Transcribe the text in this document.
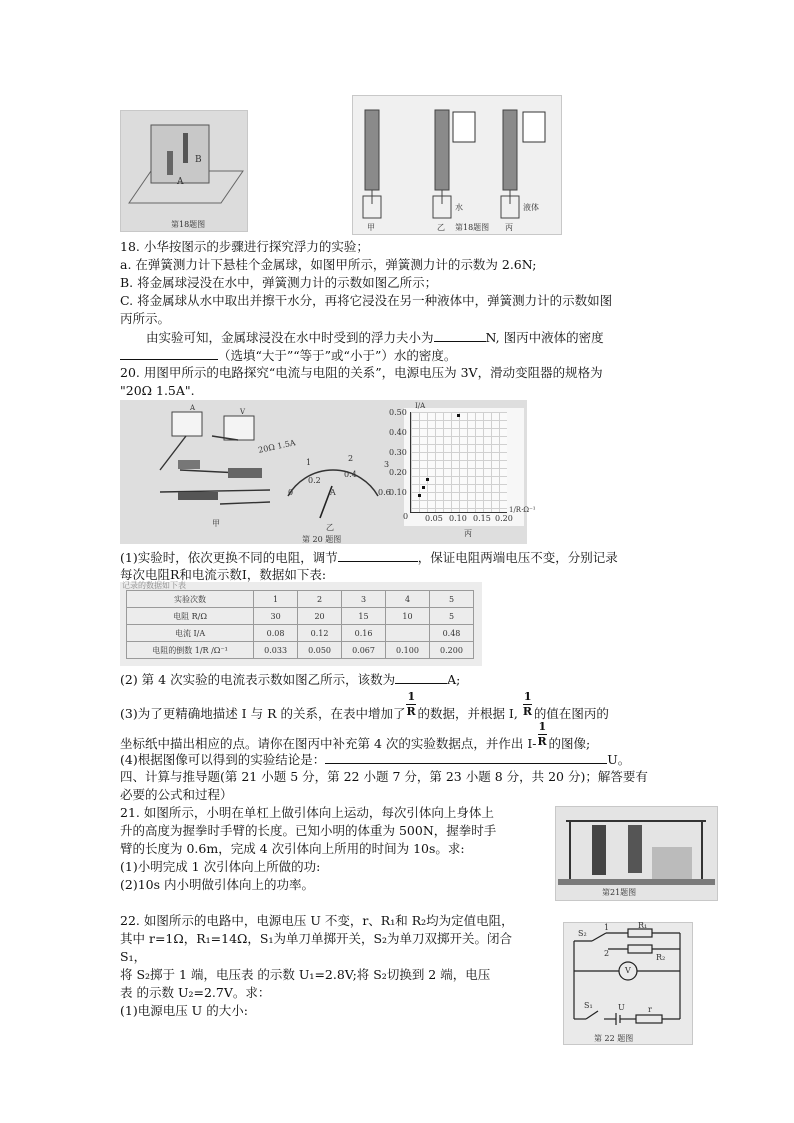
A
B
第18题图	甲	乙	丙
水	液体
第18题图
18. 小华按图示的步骤进行探究浮力的实验；
a. 在弹簧测力计下悬桂个金属球，如图甲所示，弹簧测力计的示数为 2.6N;
B. 将金属球浸没在水中，弹簧测力计的示数如图乙所示；
C. 将金属球从水中取出并擦干水分，再将它浸没在另一种液体中，弹簧测力计的示数如图
丙所示。
由实验可知，金属球浸没在水中时受到的浮力夫小为	N, 图丙中液体的密度
（选填“大于”“等于”或“小于”）水的密度。
20. 用图甲所示的电路探究“电流与电阻的关系”，电源电压为 3V，滑动变阻器的规格为
"20Ω 1.5A".
A	V
20Ω 1.5A
0
1
0.2
2
0.4
3
0.6
A
甲	乙
丙
第 20 题图
0.50
0.40
0.30
0.20
0.10
0
I/A
0.05 0.10 0.15 0.20
1/R·Ω⁻¹
(1)实验时，依次更换不同的电阻，调节	，保证电阻两端电压不变，分别记录
每次电阻R和电流示数I，数据如下表:
记录的数据如下表
实验次数	1	2	3	4	5
电阻 R/Ω	30	20	15	10	5
电流 I/A	0.08	0.12	0.16		0.48
电阻的倒数 1/R /Ω⁻¹	0.033	0.050	0.067	0.100	0.200
(2) 第 4 次实验的电流表示数如图乙所示，该数为	A;
(3)为了更精确地描述 I 与 R 的关系，在表中增加了 $\frac{1}{R}$ 的数据，并根据 I, $\frac{1}{R}$ 的值在图丙的
坐标纸中描出相应的点。请你在图丙中补充第 4 次的实验数据点，并作出 $I- \frac{1}{R}$ 的图像;
(4)根据图像可以得到的实验结论是：	U。
四、计算与推导题(第 21 小题 5 分，第 22 小题 7 分，第 23 小题 8 分，共 20 分)；解答要有
必要的公式和过程）
21. 如图所示，小明在单杠上做引体向上运动，每次引体向上身体上
升的高度为握拳时手臂的长度。已知小明的体重为 500N，握拳时手
臂的长度为 0.6m，完成 4 次引体向上所用的时间为 10s。求:
(1)小明完成 1 次引体向上所做的功:
(2)10s 内小明做引体向上的功率。
第21题图
22. 如图所示的电路中，电源电压 U 不变，r、R₁和 R₂均为定值电阻，
其中 r=1Ω，R₁=14Ω，S₁为单刀单掷开关，S₂为单刀双掷开关。闭合
S₁，
将 S₂掷于 1 端，电压表 的示数 U₁=2.8V;将 S₂切换到 2 端，电压
表 的示数 U₂=2.7V。求：
(1)电源电压 U 的大小:
S₂
1
2
R₁
R₂
V
S₁	U	r
第 22 题图
